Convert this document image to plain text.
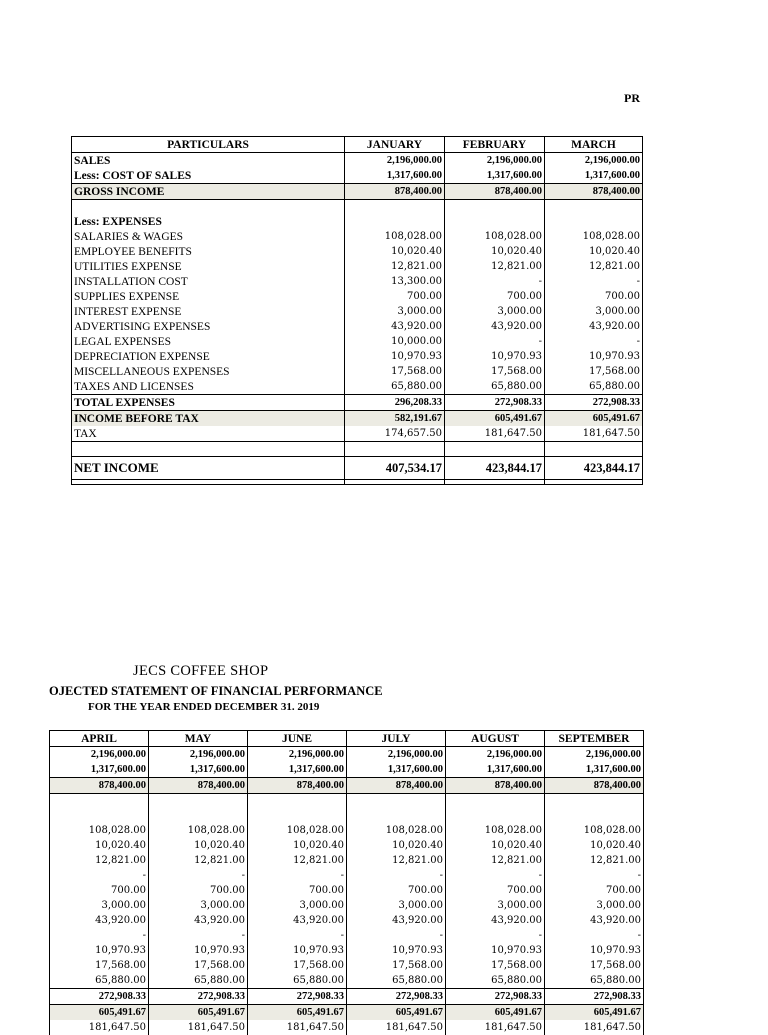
PR
PARTICULARS	JANUARY	FEBRUARY	MARCH
SALES	2,196,000.00	2,196,000.00	2,196,000.00
Less: COST OF SALES	1,317,600.00	1,317,600.00	1,317,600.00
GROSS INCOME	878,400.00	878,400.00	878,400.00

Less: EXPENSES			
SALARIES & WAGES	108,028.00	108,028.00	108,028.00
EMPLOYEE BENEFITS	10,020.40	10,020.40	10,020.40
UTILITIES EXPENSE	12,821.00	12,821.00	12,821.00
INSTALLATION COST	13,300.00	-	-
SUPPLIES EXPENSE	700.00	700.00	700.00
INTEREST EXPENSE	3,000.00	3,000.00	3,000.00
ADVERTISING EXPENSES	43,920.00	43,920.00	43,920.00
LEGAL EXPENSES	10,000.00	-	-
DEPRECIATION EXPENSE	10,970.93	10,970.93	10,970.93
MISCELLANEOUS EXPENSES	17,568.00	17,568.00	17,568.00
TAXES AND LICENSES	65,880.00	65,880.00	65,880.00
TOTAL EXPENSES	296,208.33	272,908.33	272,908.33
INCOME BEFORE TAX	582,191.67	605,491.67	605,491.67
TAX	174,657.50	181,647.50	181,647.50

NET INCOME	407,534.17	423,844.17	423,844.17

JECS COFFEE SHOP
OJECTED STATEMENT OF FINANCIAL PERFORMANCE
FOR THE YEAR ENDED DECEMBER 31. 2019
APRIL	MAY	JUNE	JULY	AUGUST	SEPTEMBER
2,196,000.00	2,196,000.00	2,196,000.00	2,196,000.00	2,196,000.00	2,196,000.00
1,317,600.00	1,317,600.00	1,317,600.00	1,317,600.00	1,317,600.00	1,317,600.00
878,400.00	878,400.00	878,400.00	878,400.00	878,400.00	878,400.00

108,028.00	108,028.00	108,028.00	108,028.00	108,028.00	108,028.00
10,020.40	10,020.40	10,020.40	10,020.40	10,020.40	10,020.40
12,821.00	12,821.00	12,821.00	12,821.00	12,821.00	12,821.00
-	-	-	-	-	-
700.00	700.00	700.00	700.00	700.00	700.00
3,000.00	3,000.00	3,000.00	3,000.00	3,000.00	3,000.00
43,920.00	43,920.00	43,920.00	43,920.00	43,920.00	43,920.00
-	-	-	-	-	-
10,970.93	10,970.93	10,970.93	10,970.93	10,970.93	10,970.93
17,568.00	17,568.00	17,568.00	17,568.00	17,568.00	17,568.00
65,880.00	65,880.00	65,880.00	65,880.00	65,880.00	65,880.00
272,908.33	272,908.33	272,908.33	272,908.33	272,908.33	272,908.33
605,491.67	605,491.67	605,491.67	605,491.67	605,491.67	605,491.67
181,647.50	181,647.50	181,647.50	181,647.50	181,647.50	181,647.50
